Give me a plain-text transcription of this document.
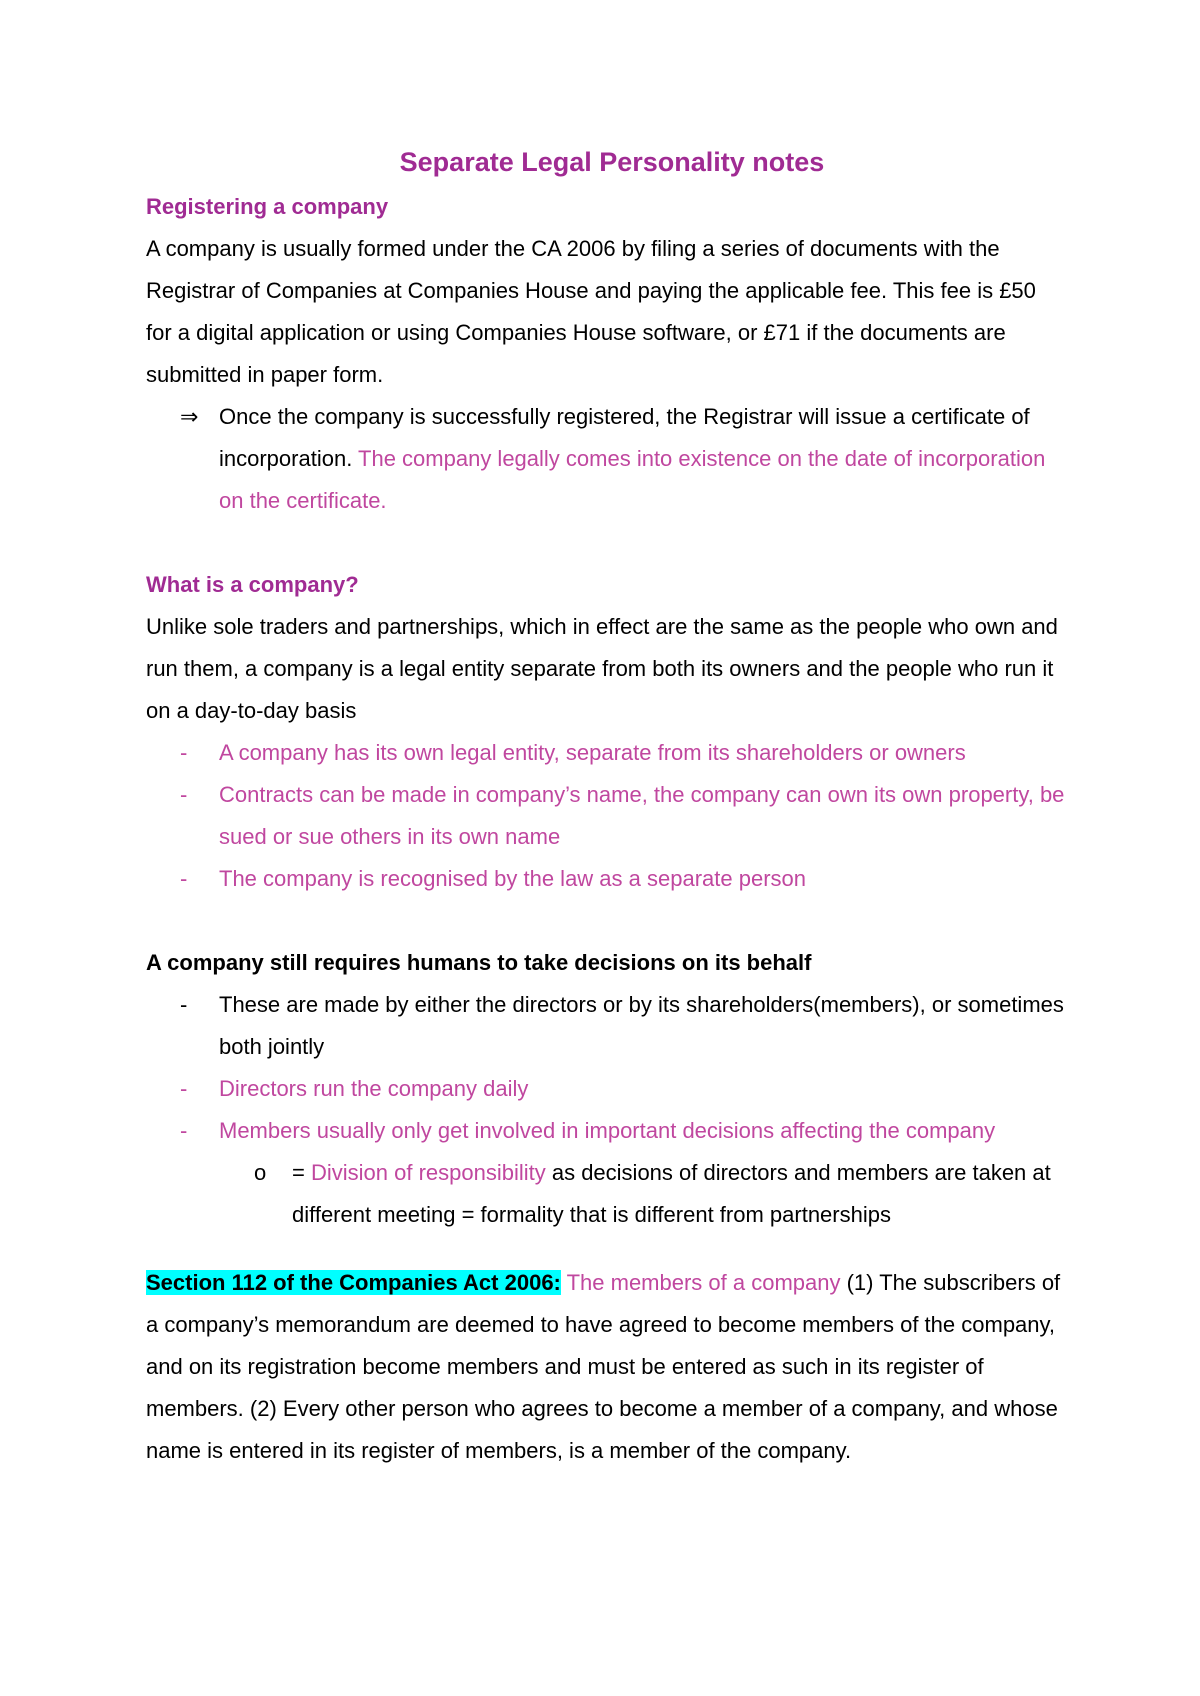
Separate Legal Personality notes
Registering a company

A company is usually formed under the CA 2006 by filing a series of documents with the Registrar of Companies at Companies House and paying the applicable fee. This fee is £50 for a digital application or using Companies House software, or £71 if the documents are submitted in paper form.

⇒ Once the company is successfully registered, the Registrar will issue a certificate of incorporation. The company legally comes into existence on the date of incorporation on the certificate.
What is a company?

Unlike sole traders and partnerships, which in effect are the same as the people who own and run them, a company is a legal entity separate from both its owners and the people who run it on a day-to-day basis

-	A company has its own legal entity, separate from its shareholders or owners
-	Contracts can be made in company’s name, the company can own its own property, be sued or sue others in its own name
-	The company is recognised by the law as a separate person
A company still requires humans to take decisions on its behalf
-	These are made by either the directors or by its shareholders(members), or sometimes both jointly
-	Directors run the company daily
-	Members usually only get involved in important decisions affecting the company
o	= Division of responsibility as decisions of directors and members are taken at different meeting = formality that is different from partnerships

Section 112 of the Companies Act 2006: The members of a company (1) The subscribers of a company’s memorandum are deemed to have agreed to become members of the company, and on its registration become members and must be entered as such in its register of members. (2) Every other person who agrees to become a member of a company, and whose name is entered in its register of members, is a member of the company.
